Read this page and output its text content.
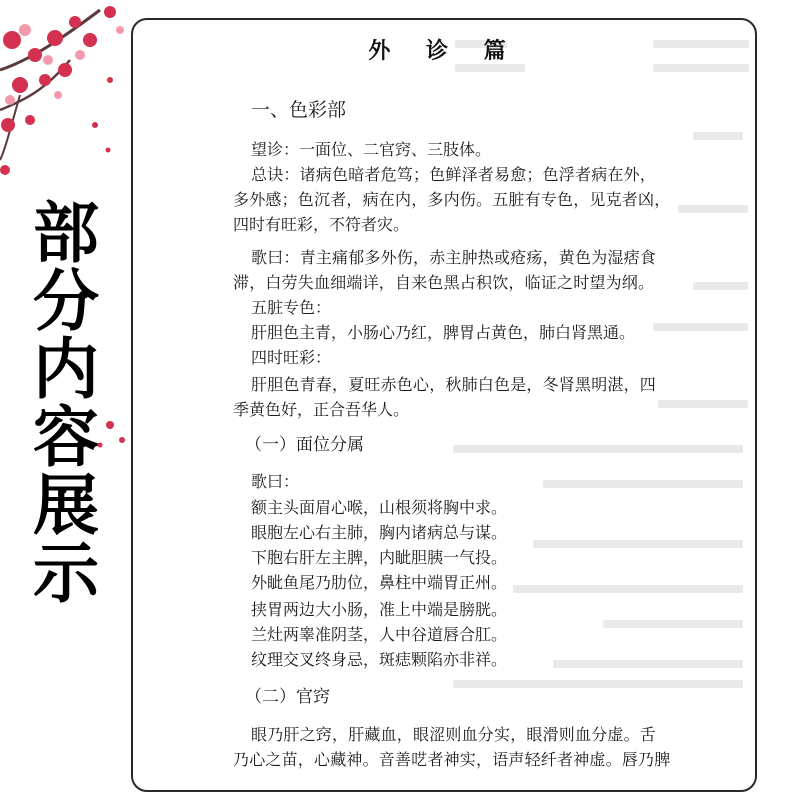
部
分
内
容
展
示
外 诊 篇

一、色彩部

望诊：一面位、二官窍、三肢体。

总诀：诸病色暗者危笃；色鲜泽者易愈；色浮者病在外，

多外感；色沉者，病在内，多内伤。五脏有专色，见克者凶，

四时有旺彩，不符者灾。

歌曰：青主痛郁多外伤，赤主肿热或疮疡，黄色为湿痞食

滞，白劳失血细端详，自来色黑占积饮，临证之时望为纲。

五脏专色：

肝胆色主青，小肠心乃红，脾胃占黄色，肺白肾黑通。

四时旺彩：

肝胆色青春，夏旺赤色心，秋肺白色是，冬肾黑明湛，四

季黄色好，正合吾华人。

（一）面位分属

歌曰：

额主头面眉心喉，山根须将胸中求。

眼胞左心右主肺，胸内诸病总与谋。

下胞右肝左主脾，内眦胆胰一气投。

外眦鱼尾乃肋位，鼻柱中端胃正州。

挟胃两边大小肠，准上中端是膀胱。

兰灶两睾准阴茎，人中谷道唇合肛。

纹理交叉终身忌，斑痣颗陷亦非祥。

（二）官窍

眼乃肝之窍，肝藏血，眼涩则血分实，眼滑则血分虚。舌

乃心之苗，心藏神。音善呓者神实，语声轻纤者神虚。唇乃脾
